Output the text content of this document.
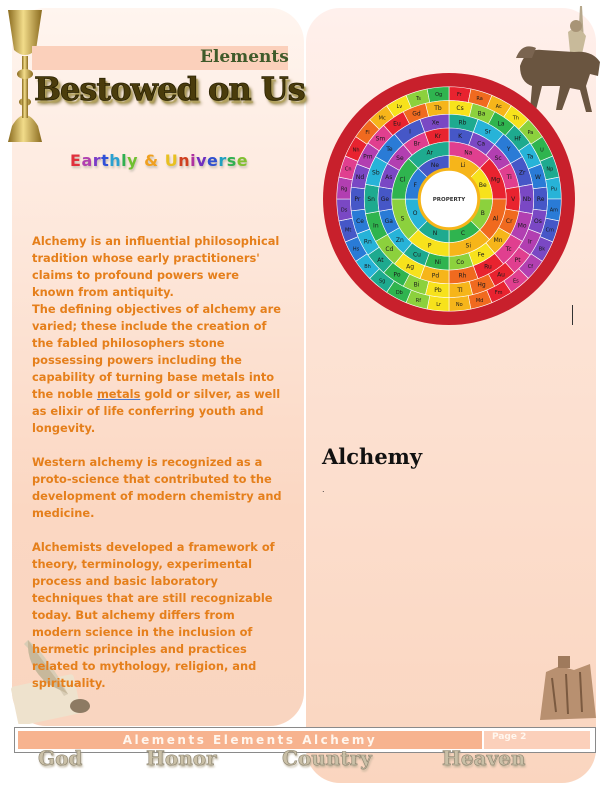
Elements
Bestowed on Us
Earthly & Universe

Alchemy is an influential philosophical tradition whose early practitioners' claims to profound powers were known from antiquity.

The defining objectives of alchemy are varied; these include the creation of the fabled philosophers stone possessing powers including the capability of turning base metals into the noble metals gold or silver, as well as elixir of life conferring youth and longevity.

Western alchemy is recognized as a proto-science that contributed to the development of modern chemistry and medicine.

Alchemists developed a framework of theory, terminology, experimental process and basic laboratory techniques that are still recognizable today. But alchemy differs from modern science in the inclusion of hermetic principles and practices related to mythology, religion, and spirituality.

Fr
Ra
Ac
Th
Pa
U
Np
Pu
Am
Cm
Bk
Cf
Es
Fm
Md
No
Lr
Rf
Db
Sg
Bh
Hs
Mt
Ds
Rg
Cn
Nh
Fl
Mc
Lv
Ts
Og
Cs
Ba
La
Hf
Ta
W
Re
Os
Ir
Pt
Au
Hg
Tl
Pb
Bi
Po
At
Rn
Ce
Pr
Nd
Pm
Sm
Eu
Gd
Tb
Rb
Sr
Y
Zr
Nb
Mo
Tc
Ru
Rh
Pd
Ag
Cd
In
Sn
Sb
Te
I
Xe
K
Ca
Sc
Ti
V
Cr
Mn
Fe
Co
Ni
Cu
Zn
Ga
Ge
As
Se
Br
Kr
Na
Mg
Al
Si
P
S
Cl
Ar
Li
Be
B
C
N
O
F
Ne
PROPERTY
Alchemy
.
Alements Elements Alchemy	Page 2
God	Honor	Country	Heaven
